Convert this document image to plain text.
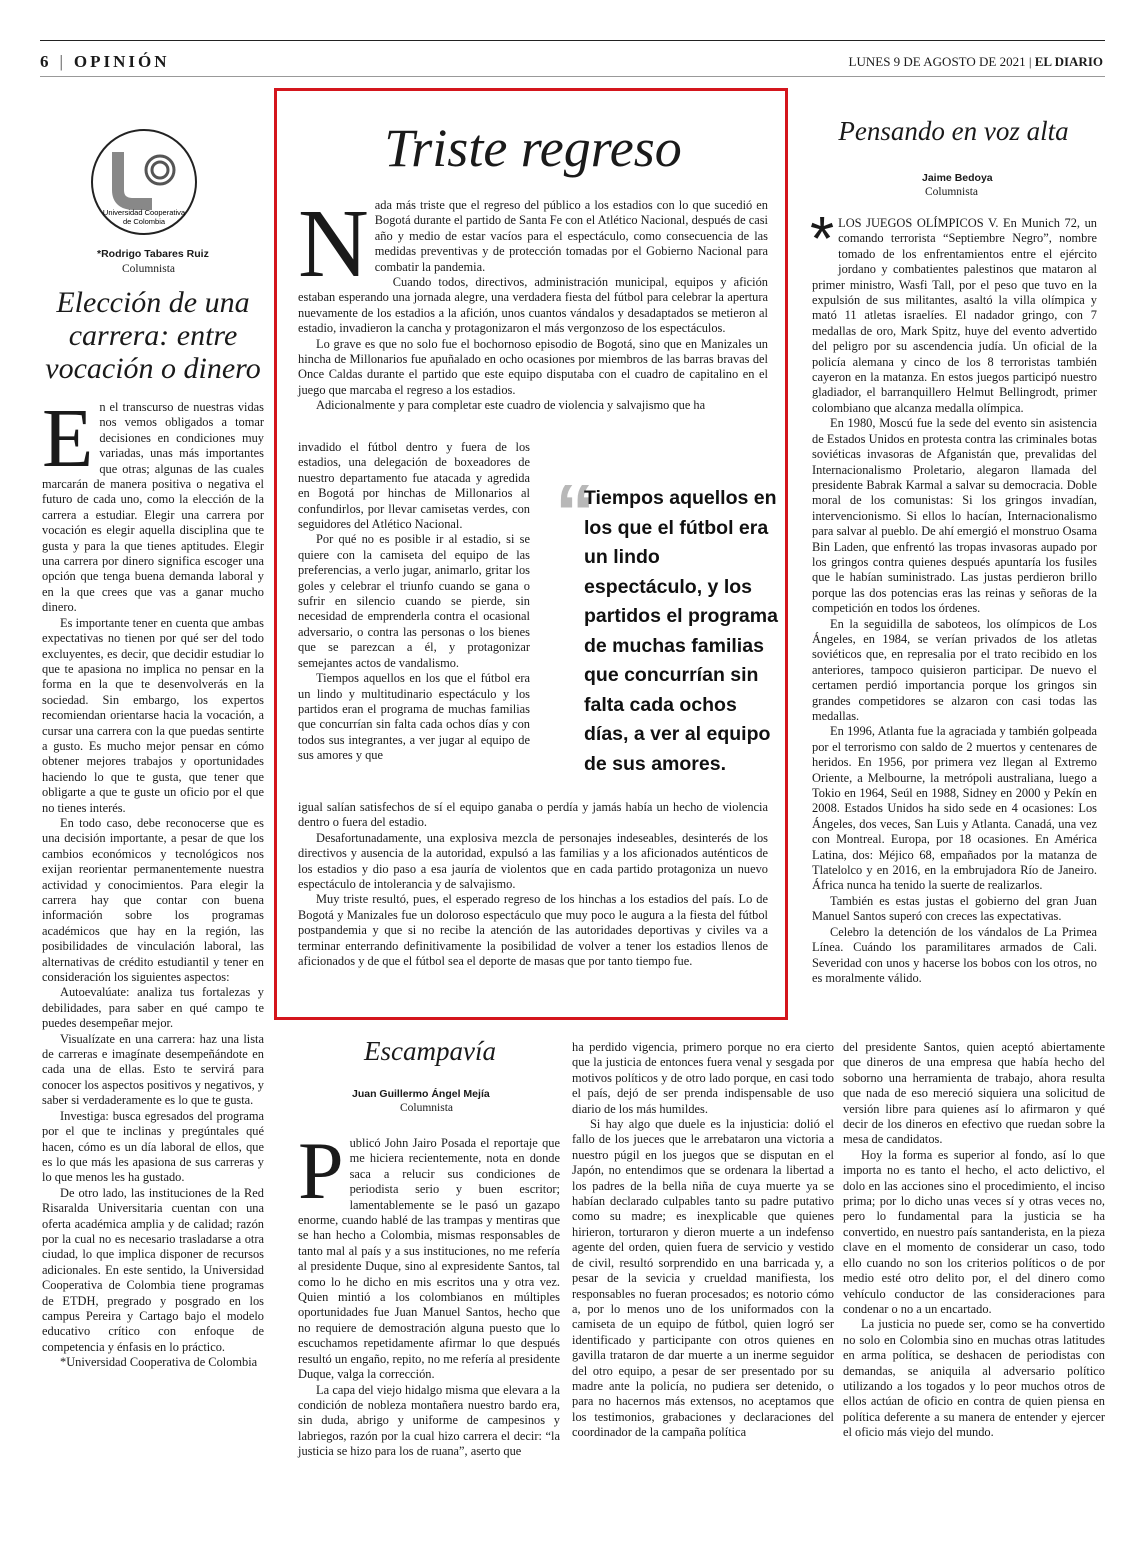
6 | OPINIÓN	LUNES 9 DE AGOSTO DE 2021 | EL DIARIO
Universidad Cooperativa
de Colombia
*Rodrigo Tabares Ruiz
Columnista
Elección de una carrera: entre vocación o dinero
E n el transcurso de nuestras vidas nos vemos obligados a tomar decisiones en condiciones muy variadas, unas más importantes que otras; algunas de las cuales marcarán de manera positiva o negativa el futuro de cada uno, como la elección de la carrera a estudiar. Elegir una carrera por vocación es elegir aquella disciplina que te gusta y para la que tienes aptitudes. Elegir una carrera por dinero significa escoger una opción que tenga buena demanda laboral y en la que crees que vas a ganar mucho dinero.

Es importante tener en cuenta que ambas expectativas no tienen por qué ser del todo excluyentes, es decir, que decidir estudiar lo que te apasiona no implica no pensar en la forma en la que te desenvolverás en la sociedad. Sin embargo, los expertos recomiendan orientarse hacia la vocación, a cursar una carrera con la que puedas sentirte a gusto. Es mucho mejor pensar en cómo obtener mejores trabajos y oportunidades haciendo lo que te gusta, que tener que obligarte a que te guste un oficio por el que no tienes interés.

En todo caso, debe reconocerse que es una decisión importante, a pesar de que los cambios económicos y tecnológicos nos exijan reorientar permanentemente nuestra actividad y conocimientos. Para elegir la carrera hay que contar con buena información sobre los programas académicos que hay en la región, las posibilidades de vinculación laboral, las alternativas de crédito estudiantil y tener en consideración los siguientes aspectos:

Autoevalúate: analiza tus fortalezas y debilidades, para saber en qué campo te puedes desempeñar mejor.

Visualízate en una carrera: haz una lista de carreras e imagínate desempeñándote en cada una de ellas. Esto te servirá para conocer los aspectos positivos y negativos, y saber si verdaderamente es lo que te gusta.

Investiga: busca egresados del programa por el que te inclinas y pregúntales qué hacen, cómo es un día laboral de ellos, que es lo que más les apasiona de sus carreras y lo que menos les ha gustado.

De otro lado, las instituciones de la Red Risaralda Universitaria cuentan con una oferta académica amplia y de calidad; razón por la cual no es necesario trasladarse a otra ciudad, lo que implica disponer de recursos adicionales. En este sentido, la Universidad Cooperativa de Colombia tiene programas de ETDH, pregrado y posgrado en los campus Pereira y Cartago bajo el modelo educativo crítico con enfoque de competencia y énfasis en lo práctico.

*Universidad Cooperativa de Colombia

Triste regreso
N ada más triste que el regreso del público a los estadios con lo que sucedió en Bogotá durante el partido de Santa Fe con el Atlético Nacional, después de casi año y medio de estar vacíos para el espectáculo, como consecuencia de las medidas preventivas y de protección tomadas por el Gobierno Nacional para combatir la pandemia.

Cuando todos, directivos, administración municipal, equipos y afición estaban esperando una jornada alegre, una verdadera fiesta del fútbol para celebrar la apertura nuevamente de los estadios a la afición, unos cuantos vándalos y desadaptados se metieron al estadio, invadieron la cancha y protagonizaron el más vergonzoso de los espectáculos.

Lo grave es que no solo fue el bochornoso episodio de Bogotá, sino que en Manizales un hincha de Millonarios fue apuñalado en ocho ocasiones por miembros de las barras bravas del Once Caldas durante el partido que este equipo disputaba con el cuadro de capitalino en el juego que marcaba el regreso a los estadios.

Adicionalmente y para completar este cuadro de violencia y salvajismo que ha

invadido el fútbol dentro y fuera de los estadios, una delegación de boxeadores de nuestro departamento fue atacada y agredida en Bogotá por hinchas de Millonarios al confundirlos, por llevar camisetas verdes, con seguidores del Atlético Nacional.

Por qué no es posible ir al estadio, si se quiere con la camiseta del equipo de las preferencias, a verlo jugar, animarlo, gritar los goles y celebrar el triunfo cuando se gana o sufrir en silencio cuando se pierde, sin necesidad de emprenderla contra el ocasional adversario, o contra las personas o los bienes que se parezcan a él, y protagonizar semejantes actos de vandalismo.

Tiempos aquellos en los que el fútbol era un lindo y multitudinario espectáculo y los partidos eran el programa de muchas familias que concurrían sin falta cada ochos días y con todos sus integrantes, a ver jugar al equipo de sus amores y que

“
Tiempos aquellos en los que el fútbol era un lindo espectáculo, y los partidos el programa de muchas familias que concurrían sin falta cada ochos días, a ver al equipo de sus amores.

igual salían satisfechos de sí el equipo ganaba o perdía y jamás había un hecho de violencia dentro o fuera del estadio.

Desafortunadamente, una explosiva mezcla de personajes indeseables, desinterés de los directivos y ausencia de la autoridad, expulsó a las familias y a los aficionados auténticos de los estadios y dio paso a esa jauría de violentos que en cada partido protagoniza un nuevo espectáculo de intolerancia y de salvajismo.

Muy triste resultó, pues, el esperado regreso de los hinchas a los estadios del país. Lo de Bogotá y Manizales fue un doloroso espectáculo que muy poco le augura a la fiesta del fútbol postpandemia y que si no recibe la atención de las autoridades deportivas y civiles va a terminar enterrando definitivamente la posibilidad de volver a tener los estadios llenos de aficionados y de que el fútbol sea el deporte de masas que por tanto tiempo fue.

Pensando en voz alta
Jaime Bedoya
Columnista
* LOS JUEGOS OLÍMPICOS V. En Munich 72, un comando terrorista “Septiembre Negro”, nombre tomado de los enfrentamientos entre el ejército jordano y combatientes palestinos que mataron al primer ministro, Wasfi Tall, por el peso que tuvo en la expulsión de sus militantes, asaltó la villa olímpica y mató 11 atletas israelíes. El nadador gringo, con 7 medallas de oro, Mark Spitz, huye del evento advertido del peligro por su ascendencia judía. Un oficial de la policía alemana y cinco de los 8 terroristas también cayeron en la matanza. En estos juegos participó nuestro gladiador, el barranquillero Helmut Bellingrodt, primer colombiano que alcanza medalla olímpica.

En 1980, Moscú fue la sede del evento sin asistencia de Estados Unidos en protesta contra las criminales botas soviéticas invasoras de Afganistán que, prevalidas del Internacionalismo Proletario, alegaron llamada del presidente Babrak Karmal a salvar su democracia. Doble moral de los comunistas: Si los gringos invadían, intervencionismo. Si ellos lo hacían, Internacionalismo para salvar al pueblo. De ahí emergió el monstruo Osama Bin Laden, que enfrentó las tropas invasoras aupado por los gringos contra quienes después apuntaría los fusiles que le habían suministrado. Las justas perdieron brillo porque las dos potencias eras las reinas y señoras de la competición en todos los órdenes.

En la seguidilla de saboteos, los olímpicos de Los Ángeles, en 1984, se verían privados de los atletas soviéticos que, en represalia por el trato recibido en los anteriores, tampoco quisieron participar. De nuevo el certamen perdió importancia porque los gringos sin grandes competidores se alzaron con casi todas las medallas.

En 1996, Atlanta fue la agraciada y también golpeada por el terrorismo con saldo de 2 muertos y centenares de heridos. En 1956, por primera vez llegan al Extremo Oriente, a Melbourne, la metrópoli australiana, luego a Tokio en 1964, Seúl en 1988, Sidney en 2000 y Pekín en 2008. Estados Unidos ha sido sede en 4 ocasiones: Los Ángeles, dos veces, San Luis y Atlanta. Canadá, una vez con Montreal. Europa, por 18 ocasiones. En América Latina, dos: Méjico 68, empañados por la matanza de Tlatelolco y en 2016, en la embrujadora Río de Janeiro. África nunca ha tenido la suerte de realizarlos.

También es estas justas el gobierno del gran Juan Manuel Santos superó con creces las expectativas.

Celebro la detención de los vándalos de La Primea Línea. Cuándo los paramilitares armados de Cali. Severidad con unos y hacerse los bobos con los otros, no es moralmente válido.

Escampavía
Juan Guillermo Ángel Mejía
Columnista
P ublicó John Jairo Posada el reportaje que me hiciera recientemente, nota en donde saca a relucir sus condiciones de periodista serio y buen escritor; lamentablemente se le pasó un gazapo enorme, cuando hablé de las trampas y mentiras que se han hecho a Colombia, mismas responsables de tanto mal al país y a sus instituciones, no me refería al presidente Duque, sino al expresidente Santos, tal como lo he dicho en mis escritos una y otra vez. Quien mintió a los colombianos en múltiples oportunidades fue Juan Manuel Santos, hecho que no requiere de demostración alguna puesto que lo escuchamos repetidamente afirmar lo que después resultó un engaño, repito, no me refería al presidente Duque, valga la corrección.

La capa del viejo hidalgo misma que elevara a la condición de nobleza montañera nuestro bardo era, sin duda, abrigo y uniforme de campesinos y labriegos, razón por la cual hizo carrera el decir: “la justicia se hizo para los de ruana”, aserto que

ha perdido vigencia, primero porque no era cierto que la justicia de entonces fuera venal y sesgada por motivos políticos y de otro lado porque, en casi todo el país, dejó de ser prenda indispensable de uso diario de los más humildes.

Si hay algo que duele es la injusticia: dolió el fallo de los jueces que le arrebataron una victoria a nuestro púgil en los juegos que se disputan en el Japón, no entendimos que se ordenara la libertad a los padres de la bella niña de cuya muerte ya se habían declarado culpables tanto su padre putativo como su madre; es inexplicable que quienes hirieron, torturaron y dieron muerte a un indefenso agente del orden, quien fuera de servicio y vestido de civil, resultó sorprendido en una barricada y, a pesar de la sevicia y crueldad manifiesta, los responsables no fueran procesados; es notorio cómo a, por lo menos uno de los uniformados con la camiseta de un equipo de fútbol, quien logró ser identificado y participante con otros quienes en gavilla trataron de dar muerte a un inerme seguidor del otro equipo, a pesar de ser presentado por su madre ante la policía, no pudiera ser detenido, o para no hacernos más extensos, no aceptamos que los testimonios, grabaciones y declaraciones del coordinador de la campaña política

del presidente Santos, quien aceptó abiertamente que dineros de una empresa que había hecho del soborno una herramienta de trabajo, ahora resulta que nada de eso mereció siquiera una solicitud de versión libre para quienes así lo afirmaron y qué decir de los dineros en efectivo que ruedan sobre la mesa de candidatos.

Hoy la forma es superior al fondo, así lo que importa no es tanto el hecho, el acto delictivo, el dolo en las acciones sino el procedimiento, el inciso prima; por lo dicho unas veces sí y otras veces no, pero lo fundamental para la justicia se ha convertido, en nuestro país santanderista, en la pieza clave en el momento de considerar un caso, todo ello cuando no son los criterios políticos o de por medio esté otro delito por, el del dinero como vehículo conductor de las consideraciones para condenar o no a un encartado.

La justicia no puede ser, como se ha convertido no solo en Colombia sino en muchas otras latitudes en arma política, se deshacen de periodistas con demandas, se aniquila al adversario político utilizando a los togados y lo peor muchos otros de ellos actúan de oficio en contra de quien piensa en política deferente a su manera de entender y ejercer el oficio más viejo del mundo.
